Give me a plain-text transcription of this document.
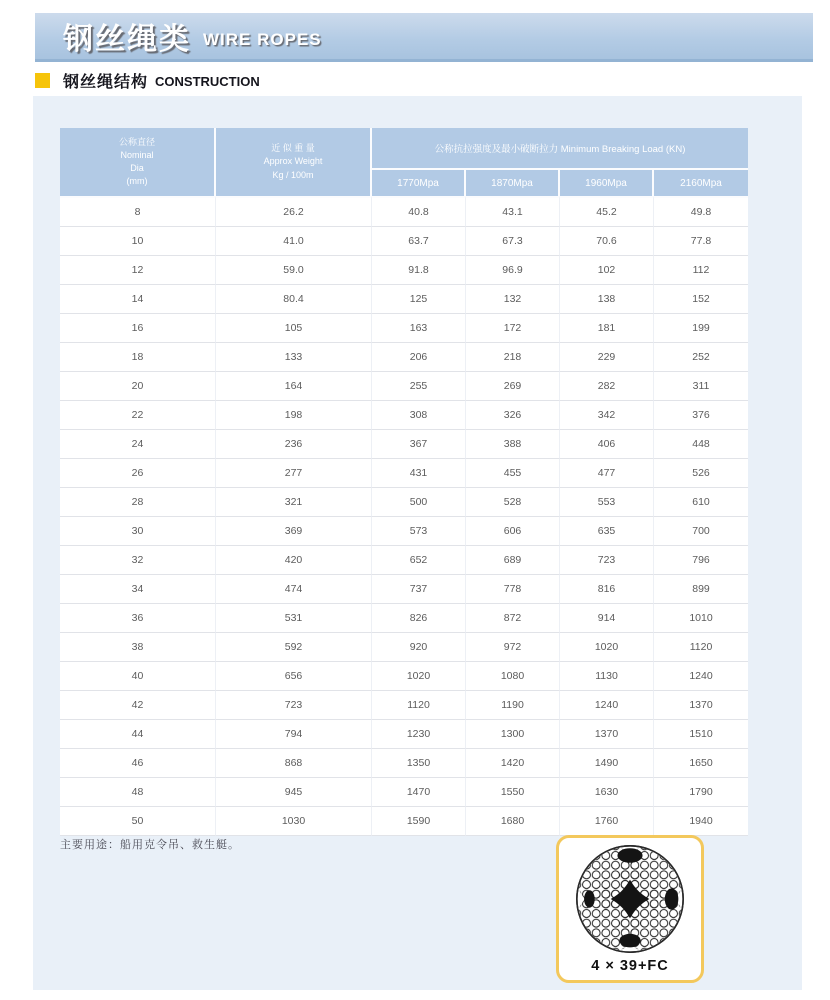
钢丝绳类 WIRE ROPES
钢丝绳结构 CONSTRUCTION
公称直径
Nominal
Dia
(mm)

近 似 重 量
Approx Weight
Kg / 100m
	公称抗拉强度及最小破断拉力 Minimum Breaking Load (KN)
		1770Mpa	1870Mpa	1960Mpa	2160Mpa
8	26.2	40.8	43.1	45.2	49.8
10	41.0	63.7	67.3	70.6	77.8
12	59.0	91.8	96.9	102	112
14	80.4	125	132	138	152
16	105	163	172	181	199
18	133	206	218	229	252
20	164	255	269	282	311
22	198	308	326	342	376
24	236	367	388	406	448
26	277	431	455	477	526
28	321	500	528	553	610
30	369	573	606	635	700
32	420	652	689	723	796
34	474	737	778	816	899
36	531	826	872	914	1010
38	592	920	972	1020	1120
40	656	1020	1080	1130	1240
42	723	1120	1190	1240	1370
44	794	1230	1300	1370	1510
46	868	1350	1420	1490	1650
48	945	1470	1550	1630	1790
50	1030	1590	1680	1760	1940
主要用途：船用克令吊、救生艇。
4 × 39+FC
